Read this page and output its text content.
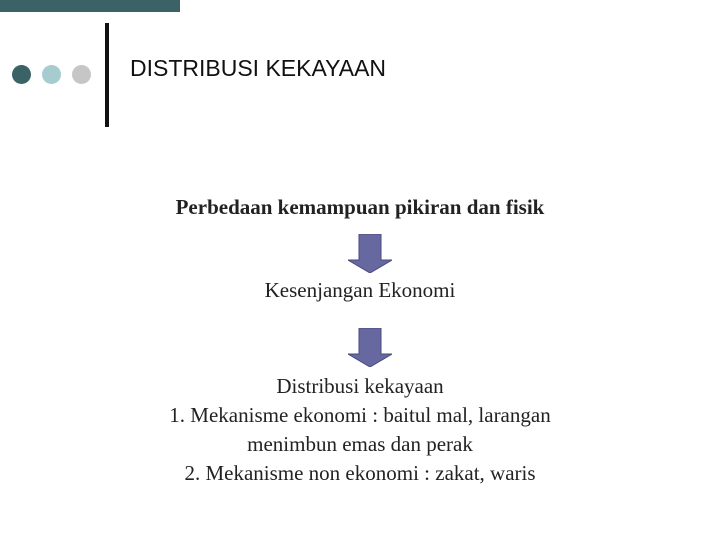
DISTRIBUSI KEKAYAAN
Perbedaan kemampuan pikiran dan fisik
Kesenjangan Ekonomi
Distribusi kekayaan
1. Mekanisme ekonomi : baitul mal, larangan
menimbun emas dan perak
2. Mekanisme non ekonomi : zakat, waris
